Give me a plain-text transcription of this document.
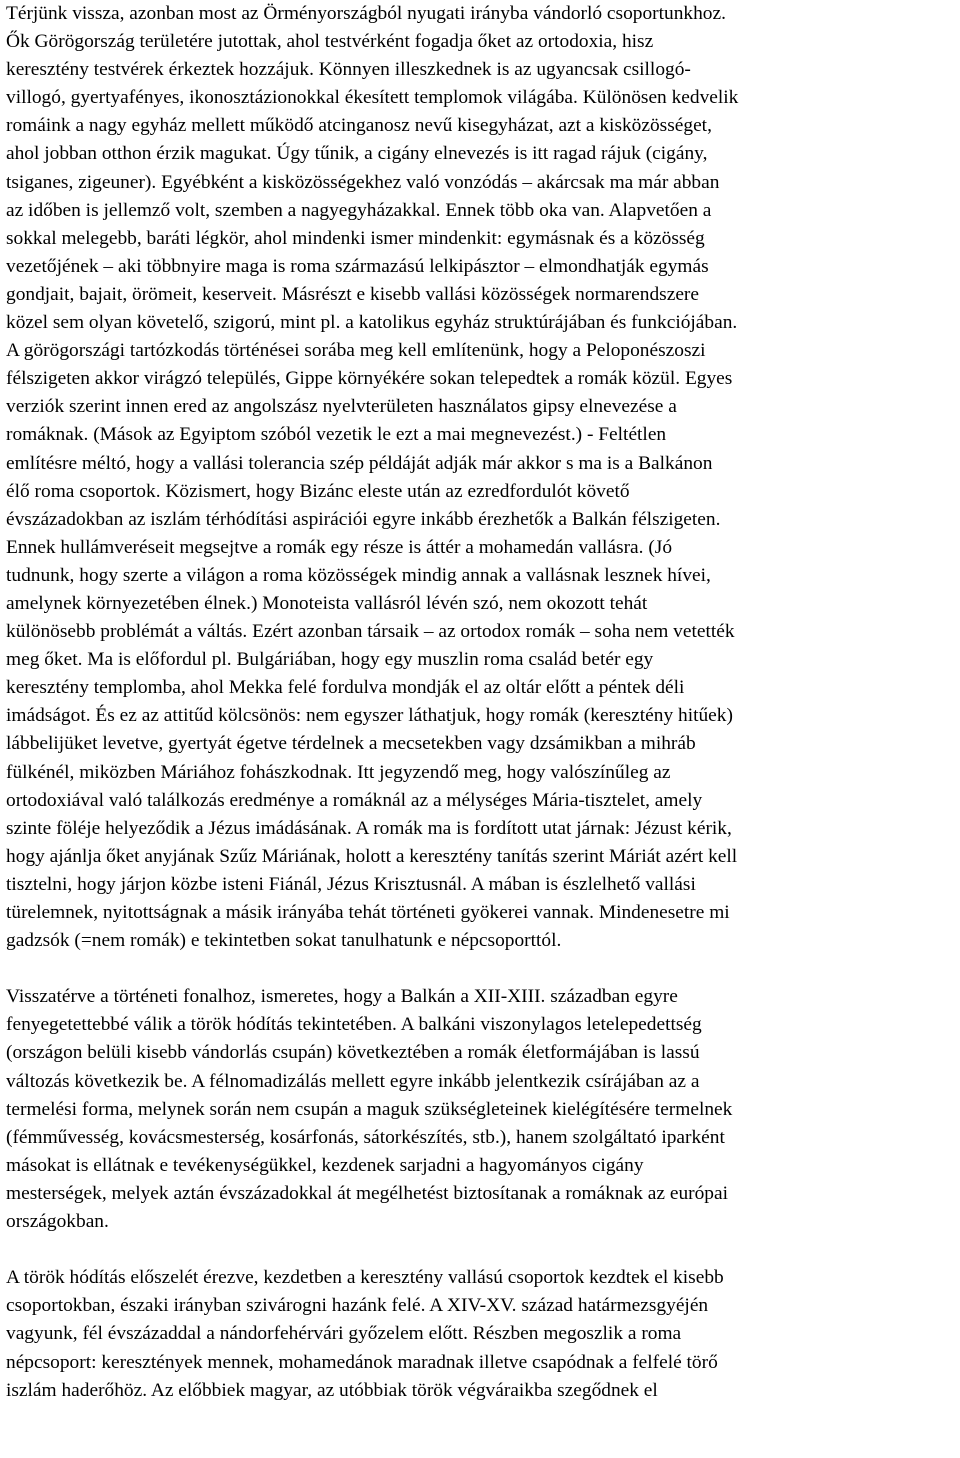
Térjünk vissza, azonban most az Örményországból nyugati irányba vándorló csoportunkhoz.
Ők Görögország területére jutottak, ahol testvérként fogadja őket az ortodoxia, hisz
keresztény testvérek érkeztek hozzájuk. Könnyen illeszkednek is az ugyancsak csillogó-
villogó, gyertyafényes, ikonosztázionokkal ékesített templomok világába. Különösen kedvelik
romáink a nagy egyház mellett működő atcinganosz nevű kisegyházat, azt a kisközösséget,
ahol jobban otthon érzik magukat. Úgy tűnik, a cigány elnevezés is itt ragad rájuk (cigány,
tsiganes, zigeuner). Egyébként a kisközösségekhez való vonzódás – akárcsak ma már abban
az időben is jellemző volt, szemben a nagyegyházakkal. Ennek több oka van. Alapvetően a
sokkal melegebb, baráti légkör, ahol mindenki ismer mindenkit: egymásnak és a közösség
vezetőjének – aki többnyire maga is roma származású lelkipásztor – elmondhatják egymás
gondjait, bajait, örömeit, keserveit. Másrészt e kisebb vallási közösségek normarendszere
közel sem olyan követelő, szigorú, mint pl. a katolikus egyház struktúrájában és funkciójában.
A görögországi tartózkodás történései sorába meg kell említenünk, hogy a Peloponészoszi
félszigeten akkor virágzó település, Gippe környékére sokan telepedtek a romák közül. Egyes
verziók szerint innen ered az angolszász nyelvterületen használatos gipsy elnevezése a
romáknak. (Mások az Egyiptom szóból vezetik le ezt a mai megnevezést.) - Feltétlen
említésre méltó, hogy a vallási tolerancia szép példáját adják már akkor s ma is a Balkánon
élő roma csoportok. Közismert, hogy Bizánc eleste után az ezredfordulót követő
évszázadokban az iszlám térhódítási aspirációi egyre inkább érezhetők a Balkán félszigeten.
Ennek hullámveréseit megsejtve a romák egy része is áttér a mohamedán vallásra. (Jó
tudnunk, hogy szerte a világon a roma közösségek mindig annak a vallásnak lesznek hívei,
amelynek környezetében élnek.) Monoteista vallásról lévén szó, nem okozott tehát
különösebb problémát a váltás. Ezért azonban társaik – az ortodox romák – soha nem vetették
meg őket. Ma is előfordul pl. Bulgáriában, hogy egy muszlin roma család betér egy
keresztény templomba, ahol Mekka felé fordulva mondják el az oltár előtt a péntek déli
imádságot. És ez az attitűd kölcsönös: nem egyszer láthatjuk, hogy romák (keresztény hitűek)
lábbelijüket levetve, gyertyát égetve térdelnek a mecsetekben vagy dzsámikban a mihráb
fülkénél, miközben Máriához fohászkodnak. Itt jegyzendő meg, hogy valószínűleg az
ortodoxiával való találkozás eredménye a romáknál az a mélységes Mária-tisztelet, amely
szinte föléje helyeződik a Jézus imádásának. A romák ma is fordított utat járnak: Jézust kérik,
hogy ajánlja őket anyjának Szűz Máriának, holott a keresztény tanítás szerint Máriát azért kell
tisztelni, hogy járjon közbe isteni Fiánál, Jézus Krisztusnál. A mában is észlelhető vallási
türelemnek, nyitottságnak a másik irányába tehát történeti gyökerei vannak. Mindenesetre mi
gadzsók (=nem romák) e tekintetben sokat tanulhatunk e népcsoporttól.
Visszatérve a történeti fonalhoz, ismeretes, hogy a Balkán a XII-XIII. században egyre
fenyegetettebbé válik a török hódítás tekintetében. A balkáni viszonylagos letelepedettség
(országon belüli kisebb vándorlás csupán) következtében a romák életformájában is lassú
változás következik be. A félnomadizálás mellett egyre inkább jelentkezik csírájában az a
termelési forma, melynek során nem csupán a maguk szükségleteinek kielégítésére termelnek
(fémművesség, kovácsmesterség, kosárfonás, sátorkészítés, stb.), hanem szolgáltató iparként
másokat is ellátnak e tevékenységükkel, kezdenek sarjadni a hagyományos cigány
mesterségek, melyek aztán évszázadokkal át megélhetést biztosítanak a romáknak az európai
országokban.
A török hódítás előszelét érezve, kezdetben a keresztény vallású csoportok kezdtek el kisebb
csoportokban, északi irányban szivárogni hazánk felé. A XIV-XV. század határmezsgyéjén
vagyunk, fél évszázaddal a nándorfehérvári győzelem előtt. Részben megoszlik a roma
népcsoport: keresztények mennek, mohamedánok maradnak illetve csapódnak a felfelé törő
iszlám haderőhöz. Az előbbiek magyar, az utóbbiak török végváraikba szegődnek el
